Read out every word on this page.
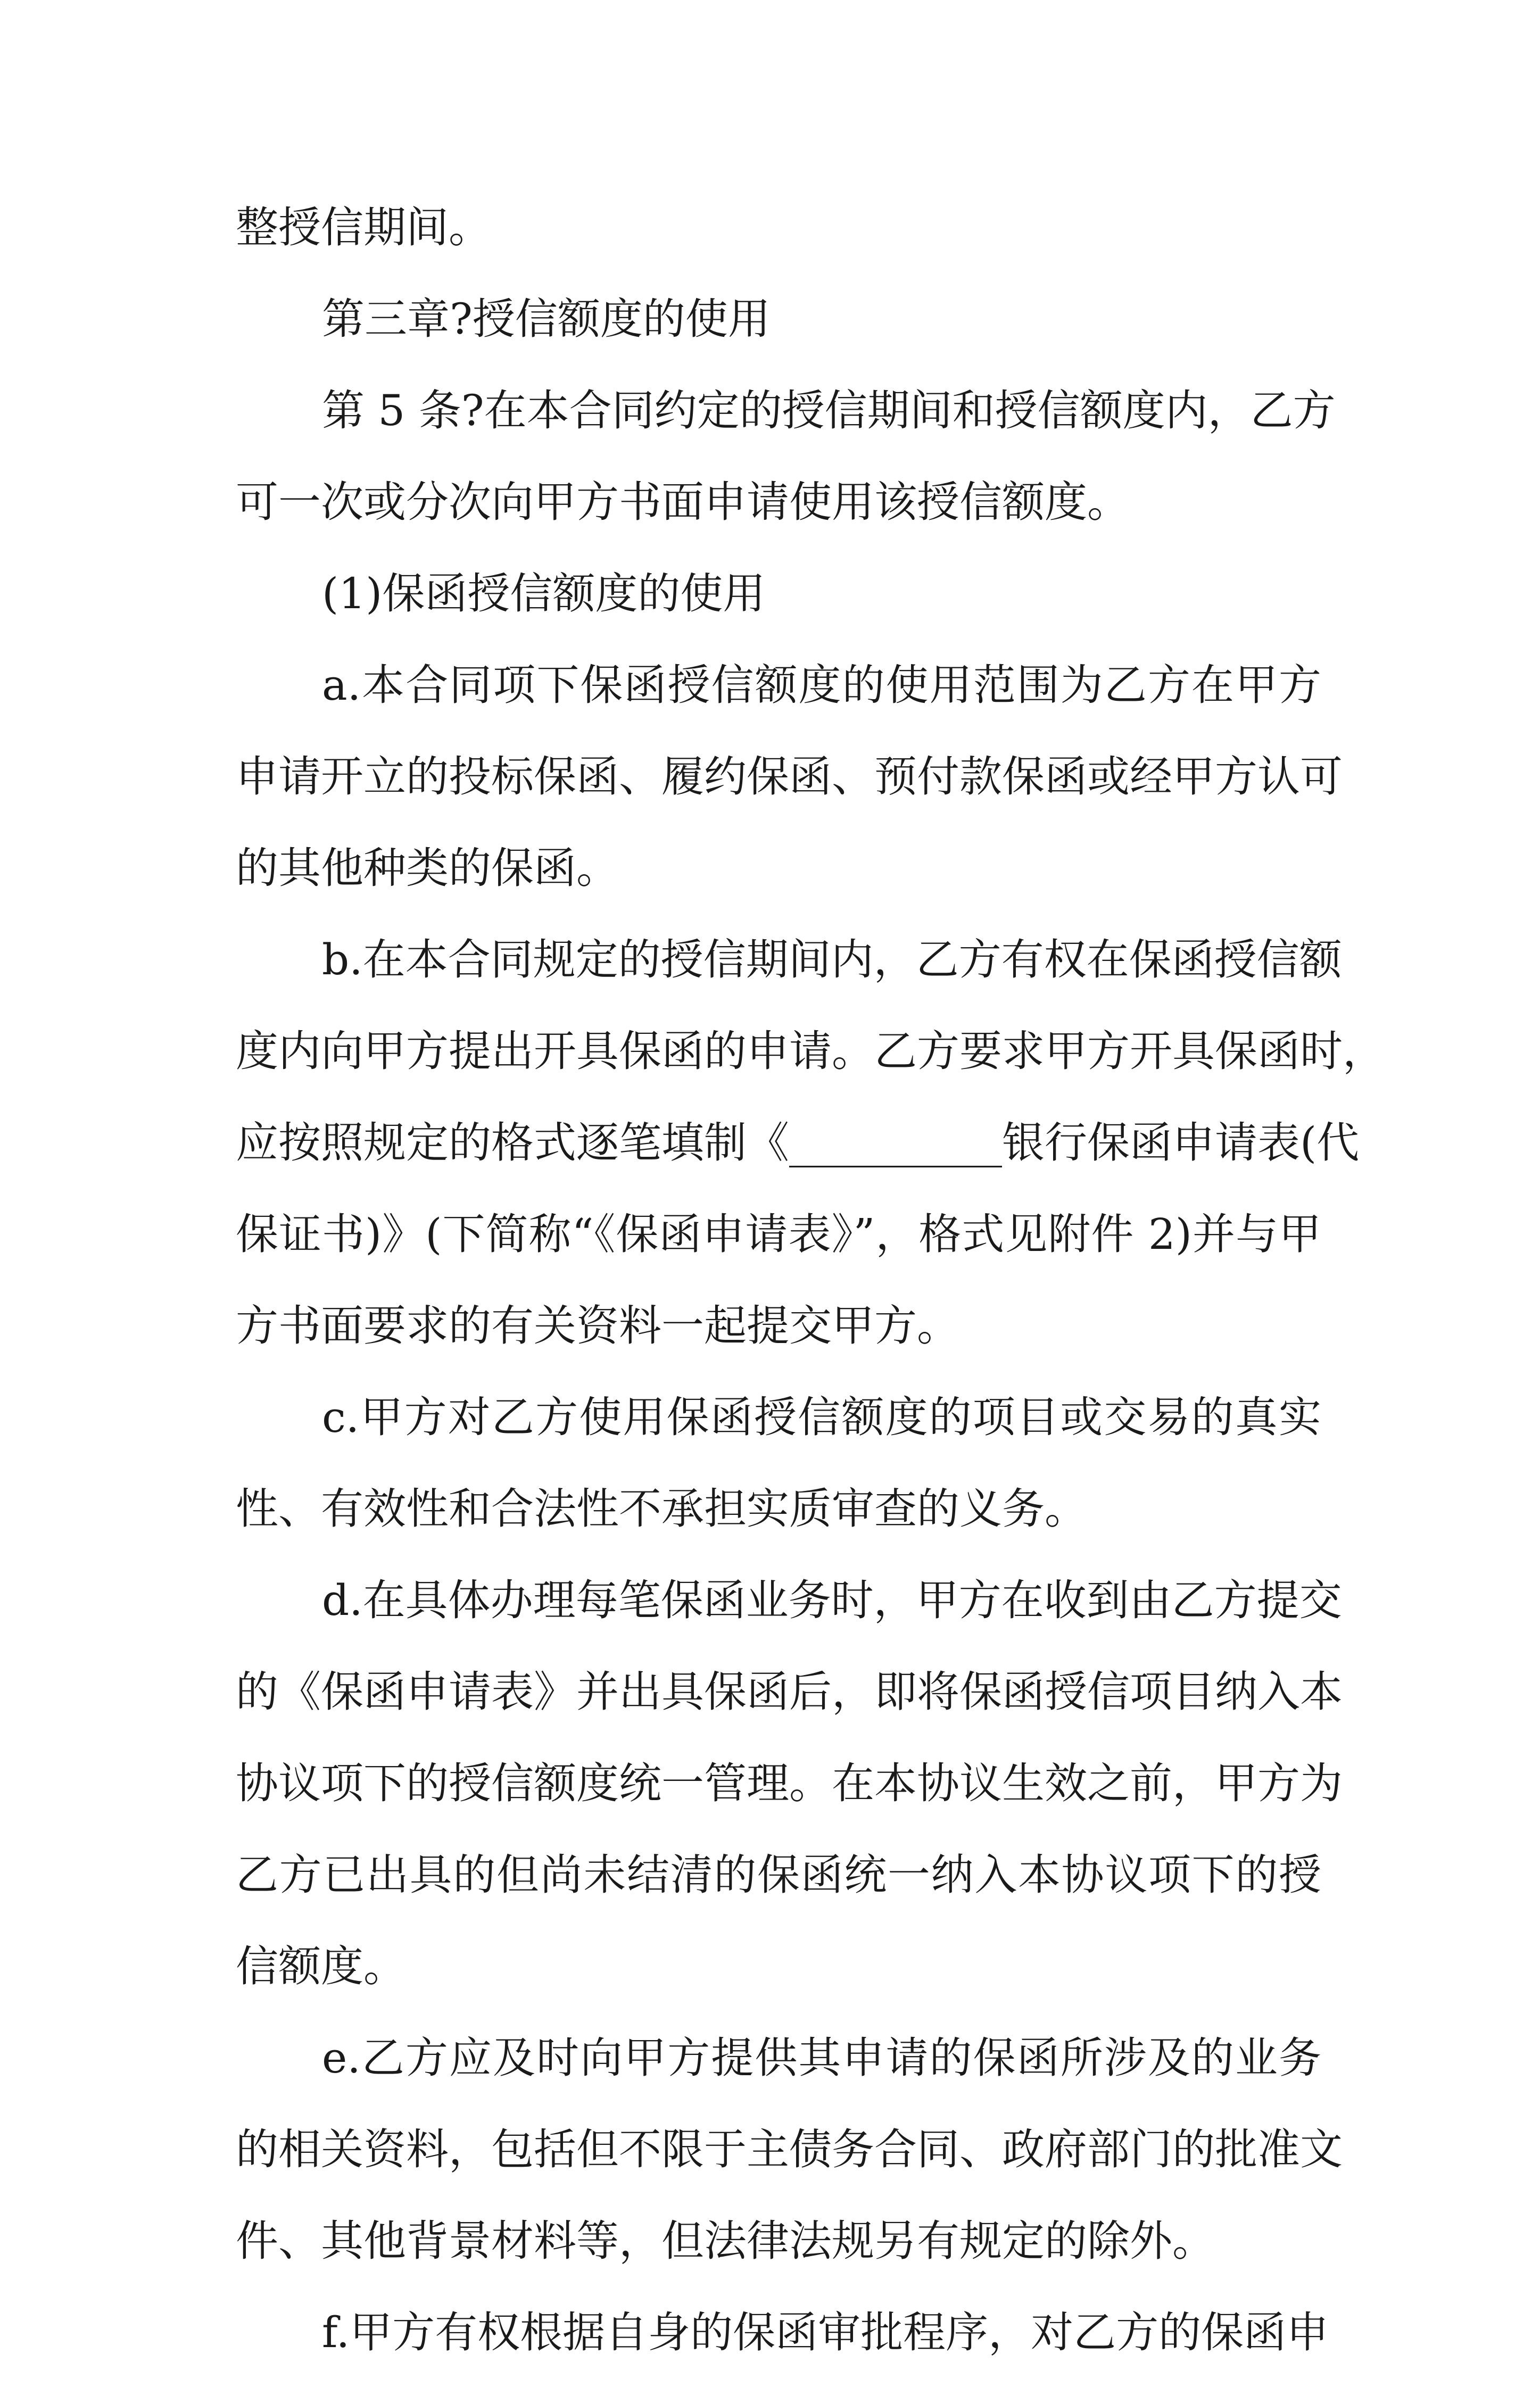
整授信期间。
第三章?授信额度的使用
第 5 条?在本合同约定的授信期间和授信额度内，乙方
可一次或分次向甲方书面申请使用该授信额度。
(1)保函授信额度的使用
a.本合同项下保函授信额度的使用范围为乙方在甲方
申请开立的投标保函、履约保函、预付款保函或经甲方认可
的其他种类的保函。
b.在本合同规定的授信期间内，乙方有权在保函授信额
度内向甲方提出开具保函的申请。乙方要求甲方开具保函时，
应按照规定的格式逐笔填制《__________银行保函申请表(代
保证书)》(下简称“《保函申请表》”，格式见附件 2)并与甲
方书面要求的有关资料一起提交甲方。
c.甲方对乙方使用保函授信额度的项目或交易的真实
性、有效性和合法性不承担实质审查的义务。
d.在具体办理每笔保函业务时，甲方在收到由乙方提交
的《保函申请表》并出具保函后，即将保函授信项目纳入本
协议项下的授信额度统一管理。在本协议生效之前，甲方为
乙方已出具的但尚未结清的保函统一纳入本协议项下的授
信额度。
e.乙方应及时向甲方提供其申请的保函所涉及的业务
的相关资料，包括但不限于主债务合同、政府部门的批准文
件、其他背景材料等，但法律法规另有规定的除外。
f.甲方有权根据自身的保函审批程序，对乙方的保函申
